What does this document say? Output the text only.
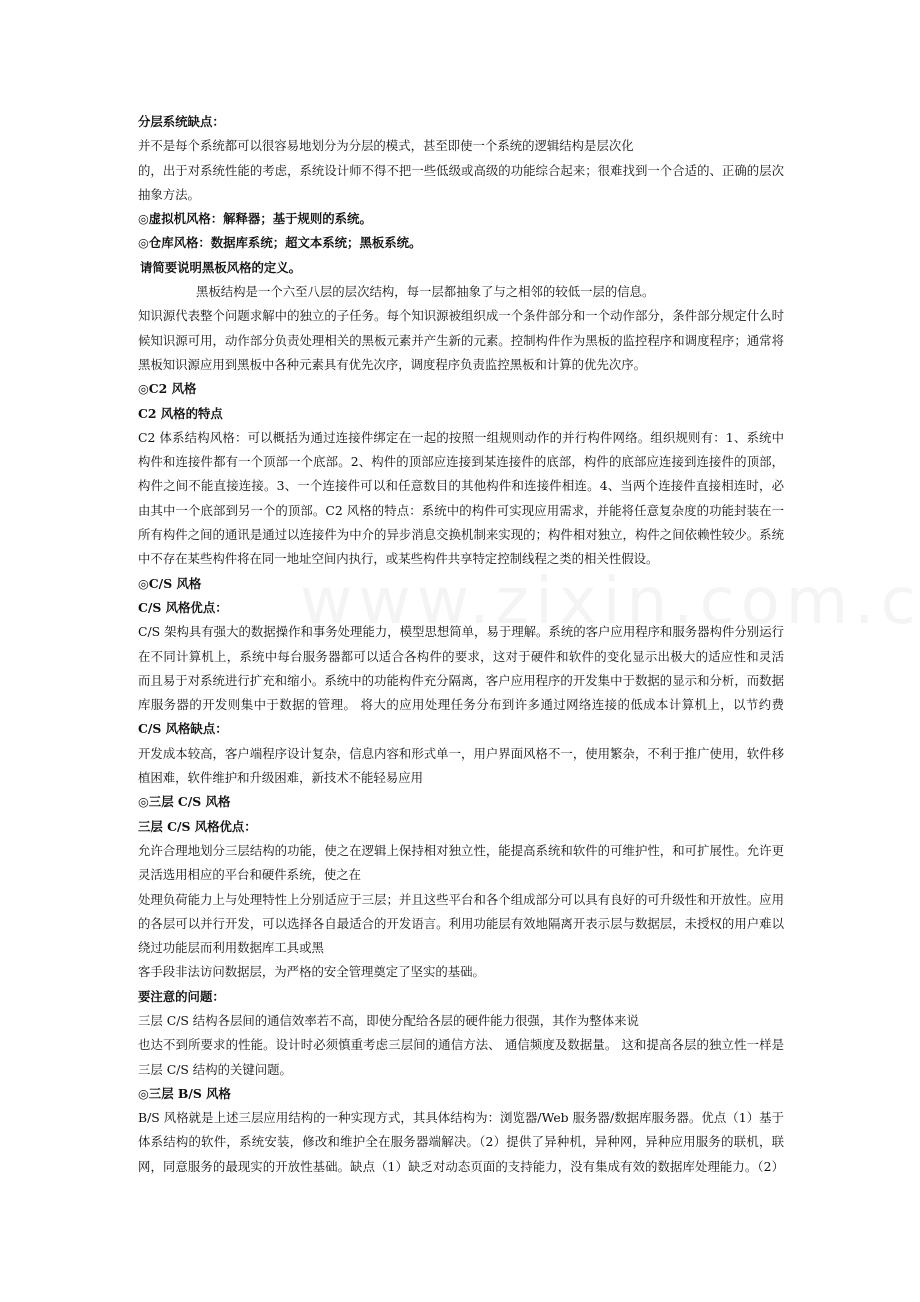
分层系统缺点：
并不是每个系统都可以很容易地划分为分层的模式，甚至即使一个系统的逻辑结构是层次化
的，出于对系统性能的考虑，系统设计师不得不把一些低级或高级的功能综合起来；很难找到一个合适的、正确的层次
抽象方法。
◎虚拟机风格：解释器；基于规则的系统。
◎仓库风格：数据库系统；超文本系统；黑板系统。
请简要说明黑板风格的定义。
黑板结构是一个六至八层的层次结构，每一层都抽象了与之相邻的较低一层的信息。
知识源代表整个问题求解中的独立的子任务。每个知识源被组织成一个条件部分和一个动作部分，条件部分规定什么时
候知识源可用，动作部分负责处理相关的黑板元素并产生新的元素。控制构件作为黑板的监控程序和调度程序；通常将
黑板知识源应用到黑板中各种元素具有优先次序，调度程序负责监控黑板和计算的优先次序。
◎C2 风格
C2 风格的特点
C2 体系结构风格：可以概括为通过连接件绑定在一起的按照一组规则动作的并行构件网络。组织规则有：1、系统中
构件和连接件都有一个顶部一个底部。2、构件的顶部应连接到某连接件的底部，构件的底部应连接到连接件的顶部，
构件之间不能直接连接。3、一个连接件可以和任意数目的其他构件和连接件相连。4、当两个连接件直接相连时，必
由其中一个底部到另一个的顶部。C2 风格的特点：系统中的构件可实现应用需求，并能将任意复杂度的功能封装在一
所有构件之间的通讯是通过以连接件为中介的异步消息交换机制来实现的；构件相对独立，构件之间依赖性较少。系统
中不存在某些构件将在同一地址空间内执行，或某些构件共享特定控制线程之类的相关性假设。
◎C/S 风格
C/S 风格优点：
C/S 架构具有强大的数据操作和事务处理能力，模型思想简单，易于理解。系统的客户应用程序和服务器构件分别运行
在不同计算机上，系统中每台服务器都可以适合各构件的要求，这对于硬件和软件的变化显示出极大的适应性和灵活
而且易于对系统进行扩充和缩小。系统中的功能构件充分隔离，客户应用程序的开发集中于数据的显示和分析，而数据
库服务器的开发则集中于数据的管理。 将大的应用处理任务分布到许多通过网络连接的低成本计算机上，以节约费
C/S 风格缺点：
开发成本较高，客户端程序设计复杂，信息内容和形式单一，用户界面风格不一，使用繁杂，不利于推广使用，软件移
植困难，软件维护和升级困难，新技术不能轻易应用
◎三层 C/S 风格
三层 C/S 风格优点：
允许合理地划分三层结构的功能，使之在逻辑上保持相对独立性，能提高系统和软件的可维护性，和可扩展性。允许更
灵活选用相应的平台和硬件系统，使之在
处理负荷能力上与处理特性上分别适应于三层；并且这些平台和各个组成部分可以具有良好的可升级性和开放性。应用
的各层可以并行开发，可以选择各自最适合的开发语言。利用功能层有效地隔离开表示层与数据层，未授权的用户难以
绕过功能层而利用数据库工具或黑
客手段非法访问数据层，为严格的安全管理奠定了坚实的基础。
要注意的问题：
三层 C/S 结构各层间的通信效率若不高，即使分配给各层的硬件能力很强，其作为整体来说
也达不到所要求的性能。设计时必须慎重考虑三层间的通信方法、 通信频度及数据量。 这和提高各层的独立性一样是
三层 C/S 结构的关键问题。
◎三层 B/S 风格
B/S 风格就是上述三层应用结构的一种实现方式，其具体结构为：浏览器/Web 服务器/数据库服务器。优点（1）基于
体系结构的软件，系统安装，修改和维护全在服务器端解决。（2）提供了异种机，异种网，异种应用服务的联机，联
网，同意服务的最现实的开放性基础。缺点（1）缺乏对动态页面的支持能力，没有集成有效的数据库处理能力。（2）
